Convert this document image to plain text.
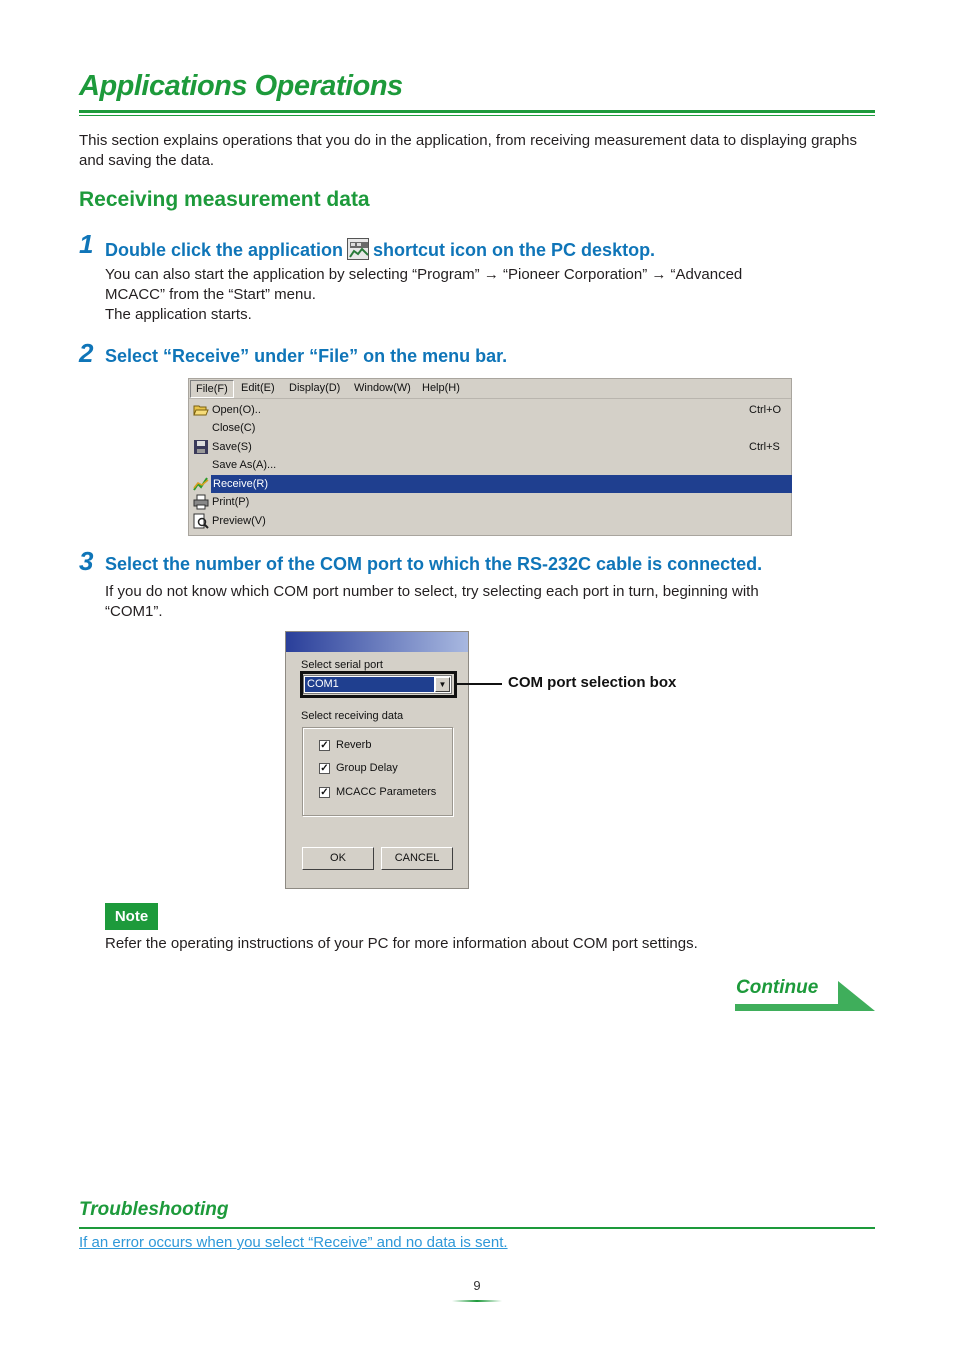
Applications Operations
This section explains operations that you do in the application, from receiving measurement data to displaying graphs and saving the data.
Receiving measurement data
1 Double click the application shortcut icon on the PC desktop.
You can also start the application by selecting “Program” → “Pioneer Corporation” → “Advanced
MCACC” from the “Start” menu.
The application starts.
2 Select “Receive” under “File” on the menu bar.
File(F)	Edit(E) Display(D) Window(W) Help(H)
Open(O)..	Ctrl+O
Close(C)
Save(S)	Ctrl+S
Save As(A)...
Receive(R)
Print(P)
Preview(V)
3 Select the number of the COM port to which the RS-232C cable is connected.
If you do not know which COM port number to select, try selecting each port in turn, beginning with
“COM1”.
Select serial port
COM1	▼
Select receiving data
✓ Reverb
✓ Group Delay
✓ MCACC Parameters
OK	CANCEL
COM port selection box
Note
Refer the operating instructions of your PC for more information about COM port settings.
Continue
Troubleshooting
If an error occurs when you select “Receive” and no data is sent.
9
